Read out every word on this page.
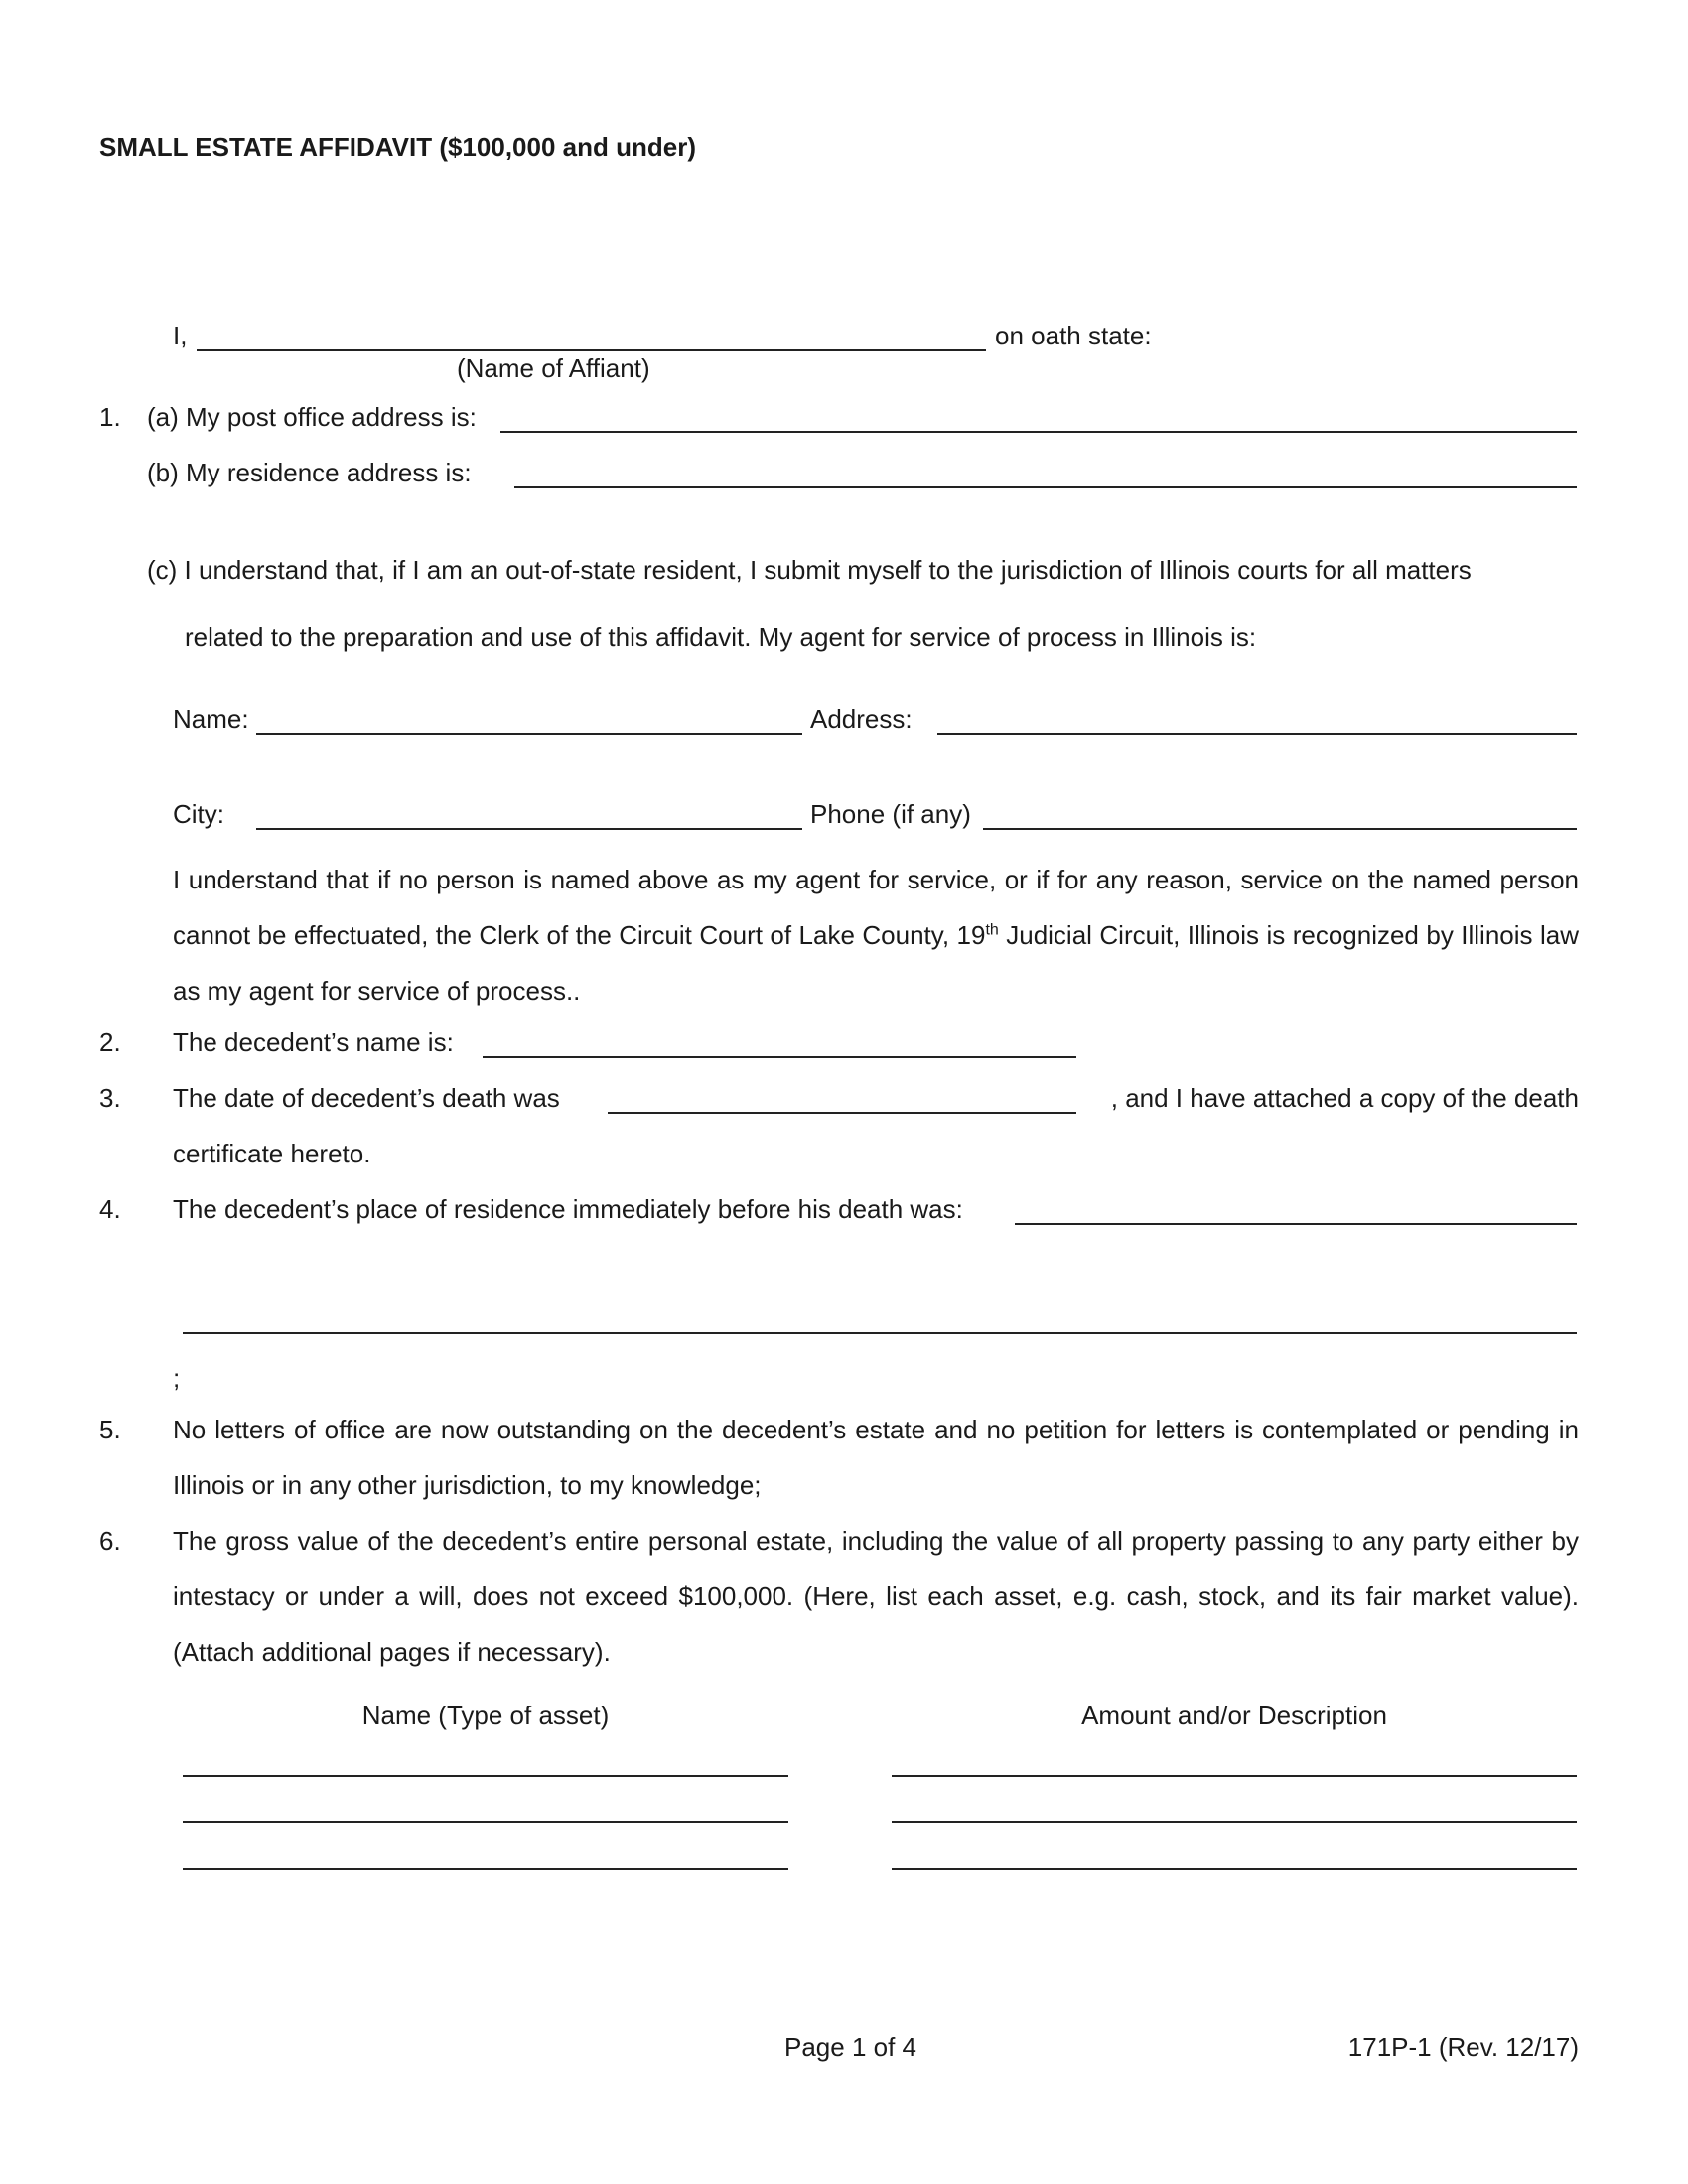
SMALL ESTATE AFFIDAVIT ($100,000 and under)
I,	on oath state:
(Name of Affiant)
1. (a) My post office address is:
(b) My residence address is:
(c) I understand that, if I am an out-of-state resident, I submit myself to the jurisdiction of Illinois courts for all matters
related to the preparation and use of this affidavit. My agent for service of process in Illinois is:
Name:	Address:
City:	Phone (if any)
I understand that if no person is named above as my agent for service, or if for any reason, service on the named person cannot be effectuated, the Clerk of the Circuit Court of Lake County, 19th Judicial Circuit, Illinois is recognized by Illinois law as my agent for service of process..
2. The decedent’s name is:
3. The date of decedent’s death was	, and I have attached a copy of the death
certificate hereto.
4. The decedent’s place of residence immediately before his death was:
;
5. No letters of office are now outstanding on the decedent’s estate and no petition for letters is contemplated or pending in Illinois or in any other jurisdiction, to my knowledge;
6. The gross value of the decedent’s entire personal estate, including the value of all property passing to any party either by intestacy or under a will, does not exceed $100,000. (Here, list each asset, e.g. cash, stock, and its fair market value). (Attach additional pages if necessary).
Name (Type of asset)	Amount and/or Description
Page 1 of 4	171P-1 (Rev. 12/17)
